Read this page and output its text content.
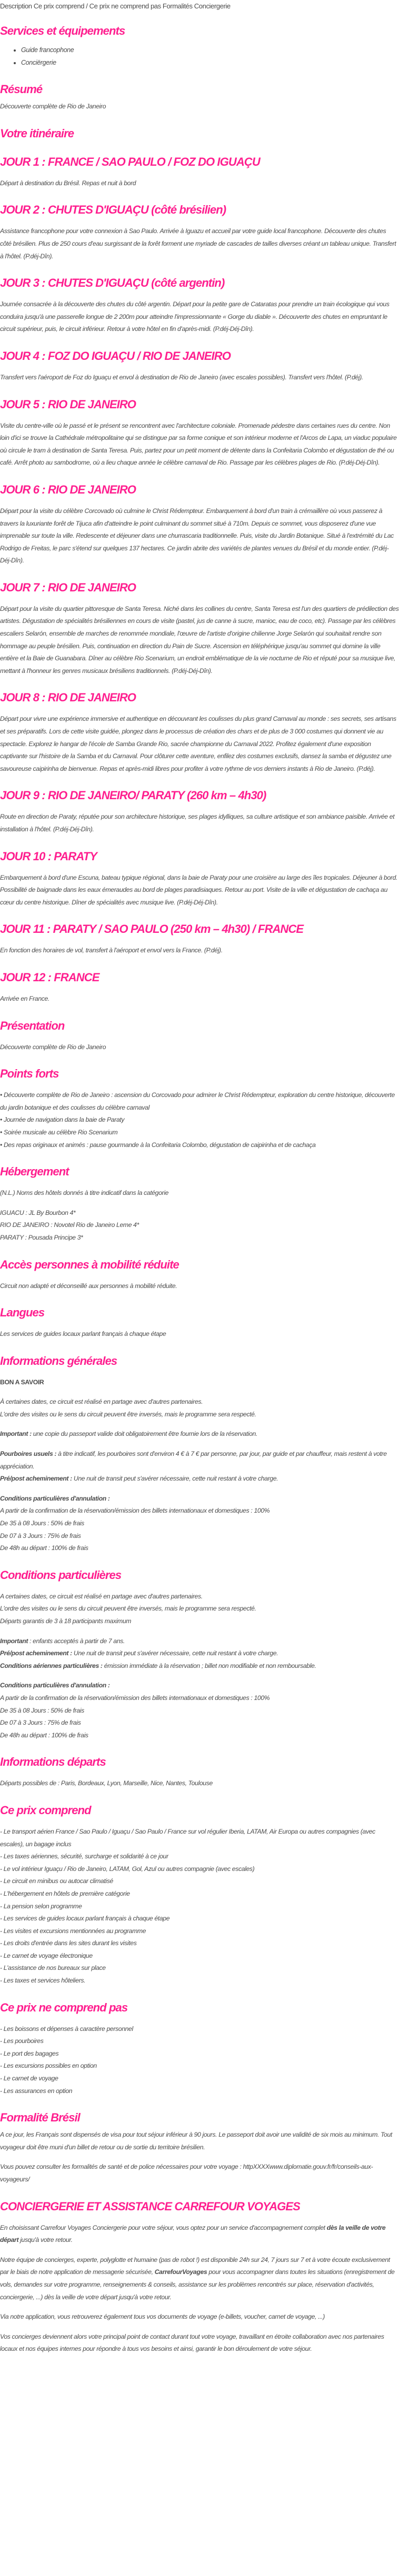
Description Ce prix comprend / Ce prix ne comprend pas Formalités Conciergerie

Services et équipements
• Guide francophone
• Conciërgerie
Résumé
Découverte complète de Rio de Janeiro
Votre itinéraire
JOUR 1 : FRANCE / SAO PAULO / FOZ DO IGUAÇU
Départ à destination du Brésil. Repas et nuit à bord
JOUR 2 : CHUTES D'IGUAÇU (côté brésilien)
Assistance francophone pour votre connexion à Sao Paulo. Arrivée à Iguazu et accueil par votre guide local francophone. Découverte des chutes côté brésilien. Plus de 250 cours d'eau surgissant de la forêt forment une myriade de cascades de tailles diverses créant un tableau unique. Transfert à l'hôtel. (P.déj-Dîn).
JOUR 3 : CHUTES D'IGUAÇU (côté argentin)
Journée consacrée à la découverte des chutes du côté argentin. Départ pour la petite gare de Cataratas pour prendre un train écologique qui vous conduira jusqu'à une passerelle longue de 2 200m pour atteindre l'impressionnante « Gorge du diable ». Découverte des chutes en empruntant le circuit supérieur, puis, le circuit inférieur. Retour à votre hôtel en fin d'après-midi. (P.déj-Déj-Dîn).
JOUR 4 : FOZ DO IGUAÇU / RIO DE JANEIRO
Transfert vers l'aéroport de Foz do Iguaçu et envol à destination de Rio de Janeiro (avec escales possibles). Transfert vers l'hôtel. (P.déj).
JOUR 5 : RIO DE JANEIRO
Visite du centre-ville où le passé et le présent se rencontrent avec l'architecture coloniale. Promenade pédestre dans certaines rues du centre. Non loin d'ici se trouve la Cathédrale métropolitaine qui se distingue par sa forme conique et son intérieur moderne et l'Arcos de Lapa, un viaduc populaire où circule le tram à destination de Santa Teresa. Puis, partez pour un petit moment de détente dans la Confeitaria Colombo et dégustation de thé ou café. Arrêt photo au sambodrome, où a lieu chaque année le célèbre carnaval de Rio. Passage par les célèbres plages de Rio. (P.déj-Déj-Dîn).
JOUR 6 : RIO DE JANEIRO
Départ pour la visite du célèbre Corcovado où culmine le Christ Rédempteur. Embarquement à bord d'un train à crémaillère où vous passerez à travers la luxuriante forêt de Tijuca afin d'atteindre le point culminant du sommet situé à 710m. Depuis ce sommet, vous disposerez d'une vue imprenable sur toute la ville. Redescente et déjeuner dans une churrascaria traditionnelle. Puis, visite du Jardin Botanique. Situé à l'extrémité du Lac Rodrigo de Freitas, le parc s'étend sur quelques 137 hectares. Ce jardin abrite des variétés de plantes venues du Brésil et du monde entier. (P.déj-Déj-Dîn).
JOUR 7 : RIO DE JANEIRO
Départ pour la visite du quartier pittoresque de Santa Teresa. Niché dans les collines du centre, Santa Teresa est l'un des quartiers de prédilection des artistes. Dégustation de spécialités brésiliennes en cours de visite (pastel, jus de canne à sucre, manioc, eau de coco, etc). Passage par les célèbres escaliers Selarón, ensemble de marches de renommée mondiale, l'œuvre de l'artiste d'origine chilienne Jorge Selarón qui souhaitait rendre son hommage au peuple brésilien. Puis, continuation en direction du Pain de Sucre. Ascension en téléphérique jusqu'au sommet qui domine la ville entière et la Baie de Guanabara. Dîner au célèbre Rio Scenarium, un endroit emblématique de la vie nocturne de Rio et réputé pour sa musique live, mettant à l'honneur les genres musicaux brésiliens traditionnels. (P.déj-Déj-Dîn).
JOUR 8 : RIO DE JANEIRO
Départ pour vivre une expérience immersive et authentique en découvrant les coulisses du plus grand Carnaval au monde : ses secrets, ses artisans et ses préparatifs. Lors de cette visite guidée, plongez dans le processus de création des chars et de plus de 3 000 costumes qui donnent vie au spectacle. Explorez le hangar de l'école de Samba Grande Rio, sacrée championne du Carnaval 2022. Profitez également d'une exposition captivante sur l'histoire de la Samba et du Carnaval. Pour clôturer cette aventure, enfilez des costumes exclusifs, dansez la samba et dégustez une savoureuse caipirinha de bienvenue. Repas et après-midi libres pour profiter à votre rythme de vos derniers instants à Rio de Janeiro. (P.déj).
JOUR 9 : RIO DE JANEIRO/ PARATY (260 km – 4h30)
Route en direction de Paraty, réputée pour son architecture historique, ses plages idylliques, sa culture artistique et son ambiance paisible. Arrivée et installation à l'hôtel. (P.déj-Déj-Dîn).
JOUR 10 : PARATY
Embarquement à bord d'une Escuna, bateau typique régional, dans la baie de Paraty pour une croisière au large des îles tropicales. Déjeuner à bord. Possibilité de baignade dans les eaux émeraudes au bord de plages paradisiaques. Retour au port. Visite de la ville et dégustation de cachaça au cœur du centre historique. Dîner de spécialités avec musique live. (P.déj-Déj-Dîn).
JOUR 11 : PARATY / SAO PAULO (250 km – 4h30) / FRANCE
En fonction des horaires de vol, transfert à l'aéroport et envol vers la France. (P.déj).
JOUR 12 : FRANCE
Arrivée en France.
Présentation
Découverte complète de Rio de Janeiro
Points forts
• Découverte complète de Rio de Janeiro : ascension du Corcovado pour admirer le Christ Rédempteur, exploration du centre historique, découverte du jardin botanique et des coulisses du célèbre carnaval
• Journée de navigation dans la baie de Paraty
• Soirée musicale au célèbre Rio Scenarium
• Des repas originaux et animés : pause gourmande à la Confeitaria Colombo, dégustation de caipirinha et de cachaça
Hébergement
(N.L.) Noms des hôtels donnés à titre indicatif dans la catégorie
IGUACU : JL By Bourbon 4*
RIO DE JANEIRO : Novotel Rio de Janeiro Leme 4*
PARATY : Pousada Principe 3*
Accès personnes à mobilité réduite
Circuit non adapté et déconseillé aux personnes à mobilité réduite.
Langues
Les services de guides locaux parlant français à chaque étape
Informations générales
BON A SAVOIR
À certaines dates, ce circuit est réalisé en partage avec d'autres partenaires.
L'ordre des visites ou le sens du circuit peuvent être inversés, mais le programme sera respecté.
Important : une copie du passeport valide doit obligatoirement être fournie lors de la réservation.
Pourboires usuels : à titre indicatif, les pourboires sont d'environ 4 € à 7 € par personne, par jour, par guide et par chauffeur, mais restent à votre appréciation.
Pré/post acheminement : Une nuit de transit peut s'avérer nécessaire, cette nuit restant à votre charge.
Conditions particulières d'annulation :
A partir de la confirmation de la réservation/émission des billets internationaux et domestiques : 100%
De 35 à 08 Jours : 50% de frais
De 07 à 3 Jours : 75% de frais
De 48h au départ : 100% de frais
Conditions particulières
A certaines dates, ce circuit est réalisé en partage avec d'autres partenaires.
L'ordre des visites ou le sens du circuit peuvent être inversés, mais le programme sera respecté.
Départs garantis de 3 à 18 participants maximum
Important : enfants acceptés à partir de 7 ans.
Pré/post acheminement : Une nuit de transit peut s'avérer nécessaire, cette nuit restant à votre charge.
Conditions aériennes particulières : émission immédiate à la réservation ; billet non modifiable et non remboursable.
Conditions particulières d'annulation :
A partir de la confirmation de la réservation/émission des billets internationaux et domestiques : 100%
De 35 à 08 Jours : 50% de frais
De 07 à 3 Jours : 75% de frais
De 48h au départ : 100% de frais
Informations départs
Départs possibles de : Paris, Bordeaux, Lyon, Marseille, Nice, Nantes, Toulouse
Ce prix comprend
- Le transport aérien France / Sao Paulo / Iguaçu / Sao Paulo / France sur vol régulier Iberia, LATAM, Air Europa ou autres compagnies (avec escales), un bagage inclus
- Les taxes aériennes, sécurité, surcharge et solidarité à ce jour
- Le vol intérieur Iguaçu / Rio de Janeiro, LATAM, Gol, Azul ou autres compagnie (avec escales)
- Le circuit en minibus ou autocar climatisé
- L'hébergement en hôtels de première catégorie
- La pension selon programme
- Les services de guides locaux parlant français à chaque étape
- Les visites et excursions mentionnées au programme
- Les droits d'entrée dans les sites durant les visites
- Le carnet de voyage électronique
- L'assistance de nos bureaux sur place
- Les taxes et services hôteliers.
Ce prix ne comprend pas
- Les boissons et dépenses à caractère personnel
- Les pourboires
- Le port des bagages
- Les excursions possibles en option
- Le carnet de voyage
- Les assurances en option
Formalité Brésil
A ce jour, les Français sont dispensés de visa pour tout séjour inférieur à 90 jours. Le passeport doit avoir une validité de six mois au minimum. Tout voyageur doit être muni d'un billet de retour ou de sortie du territoire brésilien.
Vous pouvez consulter les formalités de santé et de police nécessaires pour votre voyage : httpXXXXwww.diplomatie.gouv.fr/fr/conseils-aux-voyageurs/
CONCIERGERIE ET ASSISTANCE CARREFOUR VOYAGES
En choisissant Carrefour Voyages Conciergerie pour votre séjour, vous optez pour un service d'accompagnement complet dès la veille de votre départ jusqu'à votre retour.
Notre équipe de concierges, experte, polyglotte et humaine (pas de robot !) est disponible 24h sur 24, 7 jours sur 7 et à votre écoute exclusivement par le biais de notre application de messagerie sécurisée, CarrefourVoyages pour vous accompagner dans toutes les situations (enregistrement de vols, demandes sur votre programme, renseignements & conseils, assistance sur les problèmes rencontrés sur place, réservation d'activités, conciergerie, ...) dès la veille de votre départ jusqu'à votre retour.
Via notre application, vous retrouverez également tous vos documents de voyage (e-billets, voucher, carnet de voyage, ...)
Vos concierges deviennent alors votre principal point de contact durant tout votre voyage, travaillant en étroite collaboration avec nos partenaires locaux et nos équipes internes pour répondre à tous vos besoins et ainsi, garantir le bon déroulement de votre séjour.
